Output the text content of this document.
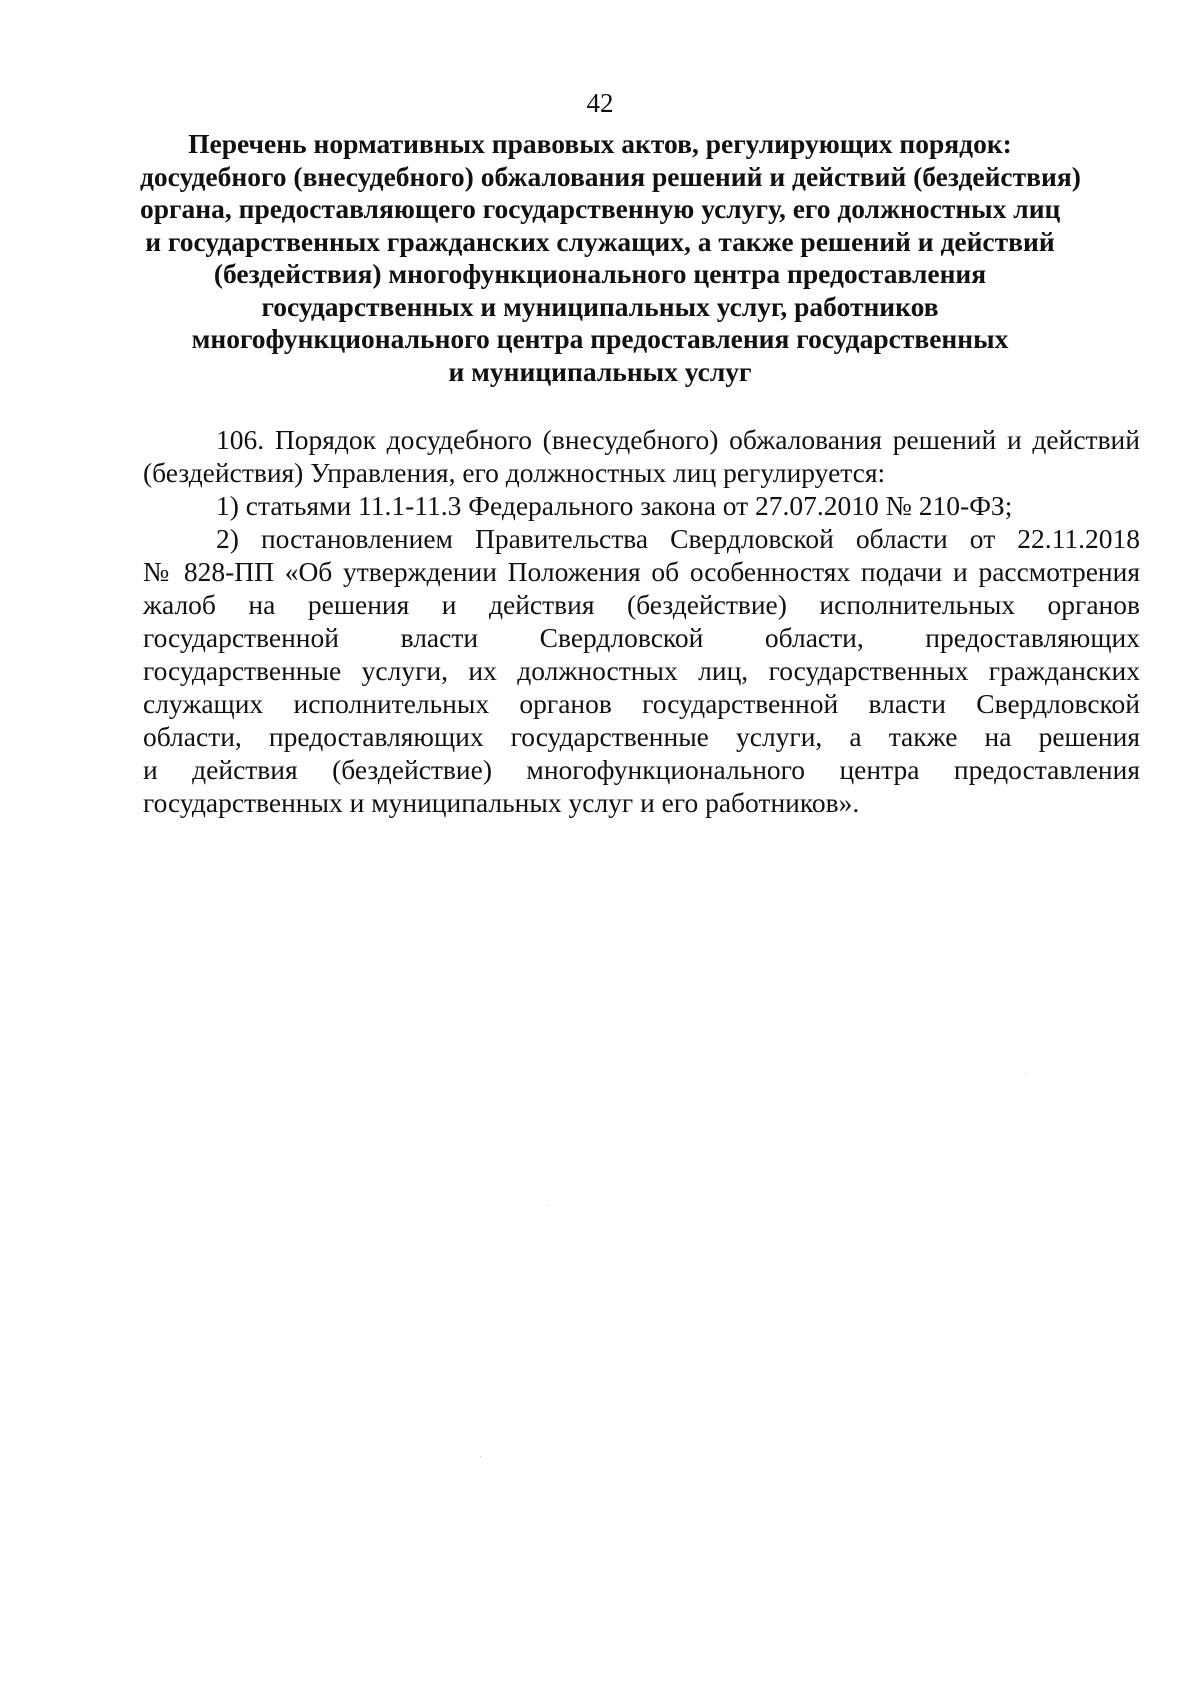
42
Перечень нормативных правовых актов, регулирующих порядок:
досудебного (внесудебного) обжалования решений и действий (бездействия)
органа, предоставляющего государственную услугу, его должностных лиц
и государственных гражданских служащих, а также решений и действий
(бездействия) многофункционального центра предоставления
государственных и муниципальных услуг, работников
многофункционального центра предоставления государственных
и муниципальных услуг
106. Порядок досудебного (внесудебного) обжалования решений и действий
(бездействия) Управления, его должностных лиц регулируется:
1) статьями 11.1-11.3 Федерального закона от 27.07.2010 № 210-ФЗ;
2) постановлением Правительства Свердловской области от 22.11.2018
№ 828-ПП «Об утверждении Положения об особенностях подачи и рассмотрения
жалоб на решения и действия (бездействие) исполнительных органов
государственной власти Свердловской области, предоставляющих
государственные услуги, их должностных лиц, государственных гражданских
служащих исполнительных органов государственной власти Свердловской
области, предоставляющих государственные услуги, а также на решения
и действия (бездействие) многофункционального центра предоставления
государственных и муниципальных услуг и его работников».
